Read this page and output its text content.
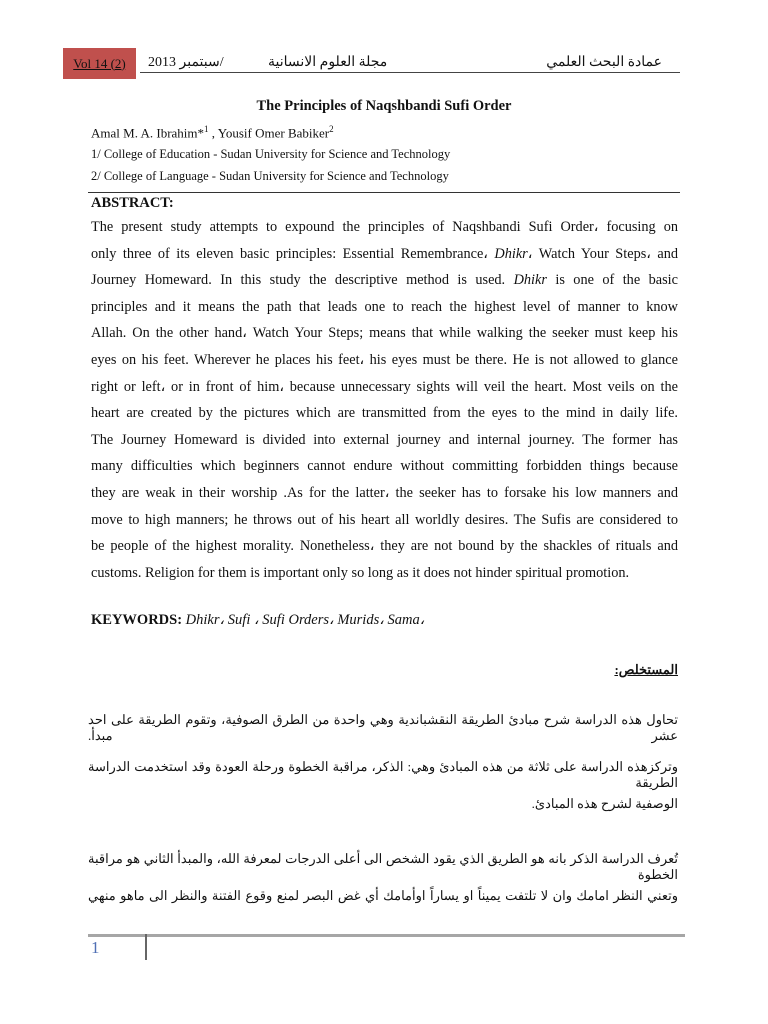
Vol 14 (2)	2013 سبتمبر/	مجلة العلوم الانسانية	عمادة البحث العلمي
The Principles of Naqshbandi Sufi Order
Amal M. A. Ibrahim*$^1$ , Yousif Omer Babiker$^2$
1/ College of Education - Sudan University for Science and Technology
2/ College of Language - Sudan University for Science and Technology
ABSTRACT:
The present study attempts to expound the principles of Naqshbandi Sufi Order، focusing on
only three of its eleven basic principles: Essential Remembrance، Dhikr، Watch Your Steps، and
Journey Homeward. In this study the descriptive method is used. Dhikr is one of the basic
principles and it means the path that leads one to reach the highest level of manner to know
Allah. On the other hand، Watch Your Steps; means that while walking the seeker must keep his
eyes on his feet. Wherever he places his feet، his eyes must be there. He is not allowed to glance
right or left، or in front of him، because unnecessary sights will veil the heart. Most veils on the
heart are created by the pictures which are transmitted from the eyes to the mind in daily life.
The Journey Homeward is divided into external journey and internal journey. The former has
many difficulties which beginners cannot endure without committing forbidden things because
they are weak in their worship .As for the latter، the seeker has to forsake his low manners and
move to high manners; he throws out of his heart all worldly desires. The Sufis are considered to
be people of the highest morality. Nonetheless، they are not bound by the shackles of rituals and
customs. Religion for them is important only so long as it does not hinder spiritual promotion.
KEYWORDS: Dhikr، Sufi ، Sufi Orders، Murids، Sama،
المستخلص:
تحاول هذه الدراسة شرح مبادئ الطريقة النقشباندية وهي واحدة من الطرق الصوفية، وتقوم الطريقة على احد عشر مبدأ.
وتركزهذه الدراسة على ثلاثة من هذه المبادئ وهي: الذكر، مراقبة الخطوة ورحلة العودة وقد استخدمت الدراسة الطريقة
الوصفية لشرح هذه المبادئ.
تُعرف الدراسة الذكر بانه هو الطريق الذي يقود الشخص الى أعلى الدرجات لمعرفة الله، والمبدأ الثاني هو مراقبة الخطوة
وتعني النظر امامك وان لا تلتفت يميناً او يساراً اوأمامك أي غض البصر لمنع وقوع الفتنة والنظر الى ماهو منهي
1
